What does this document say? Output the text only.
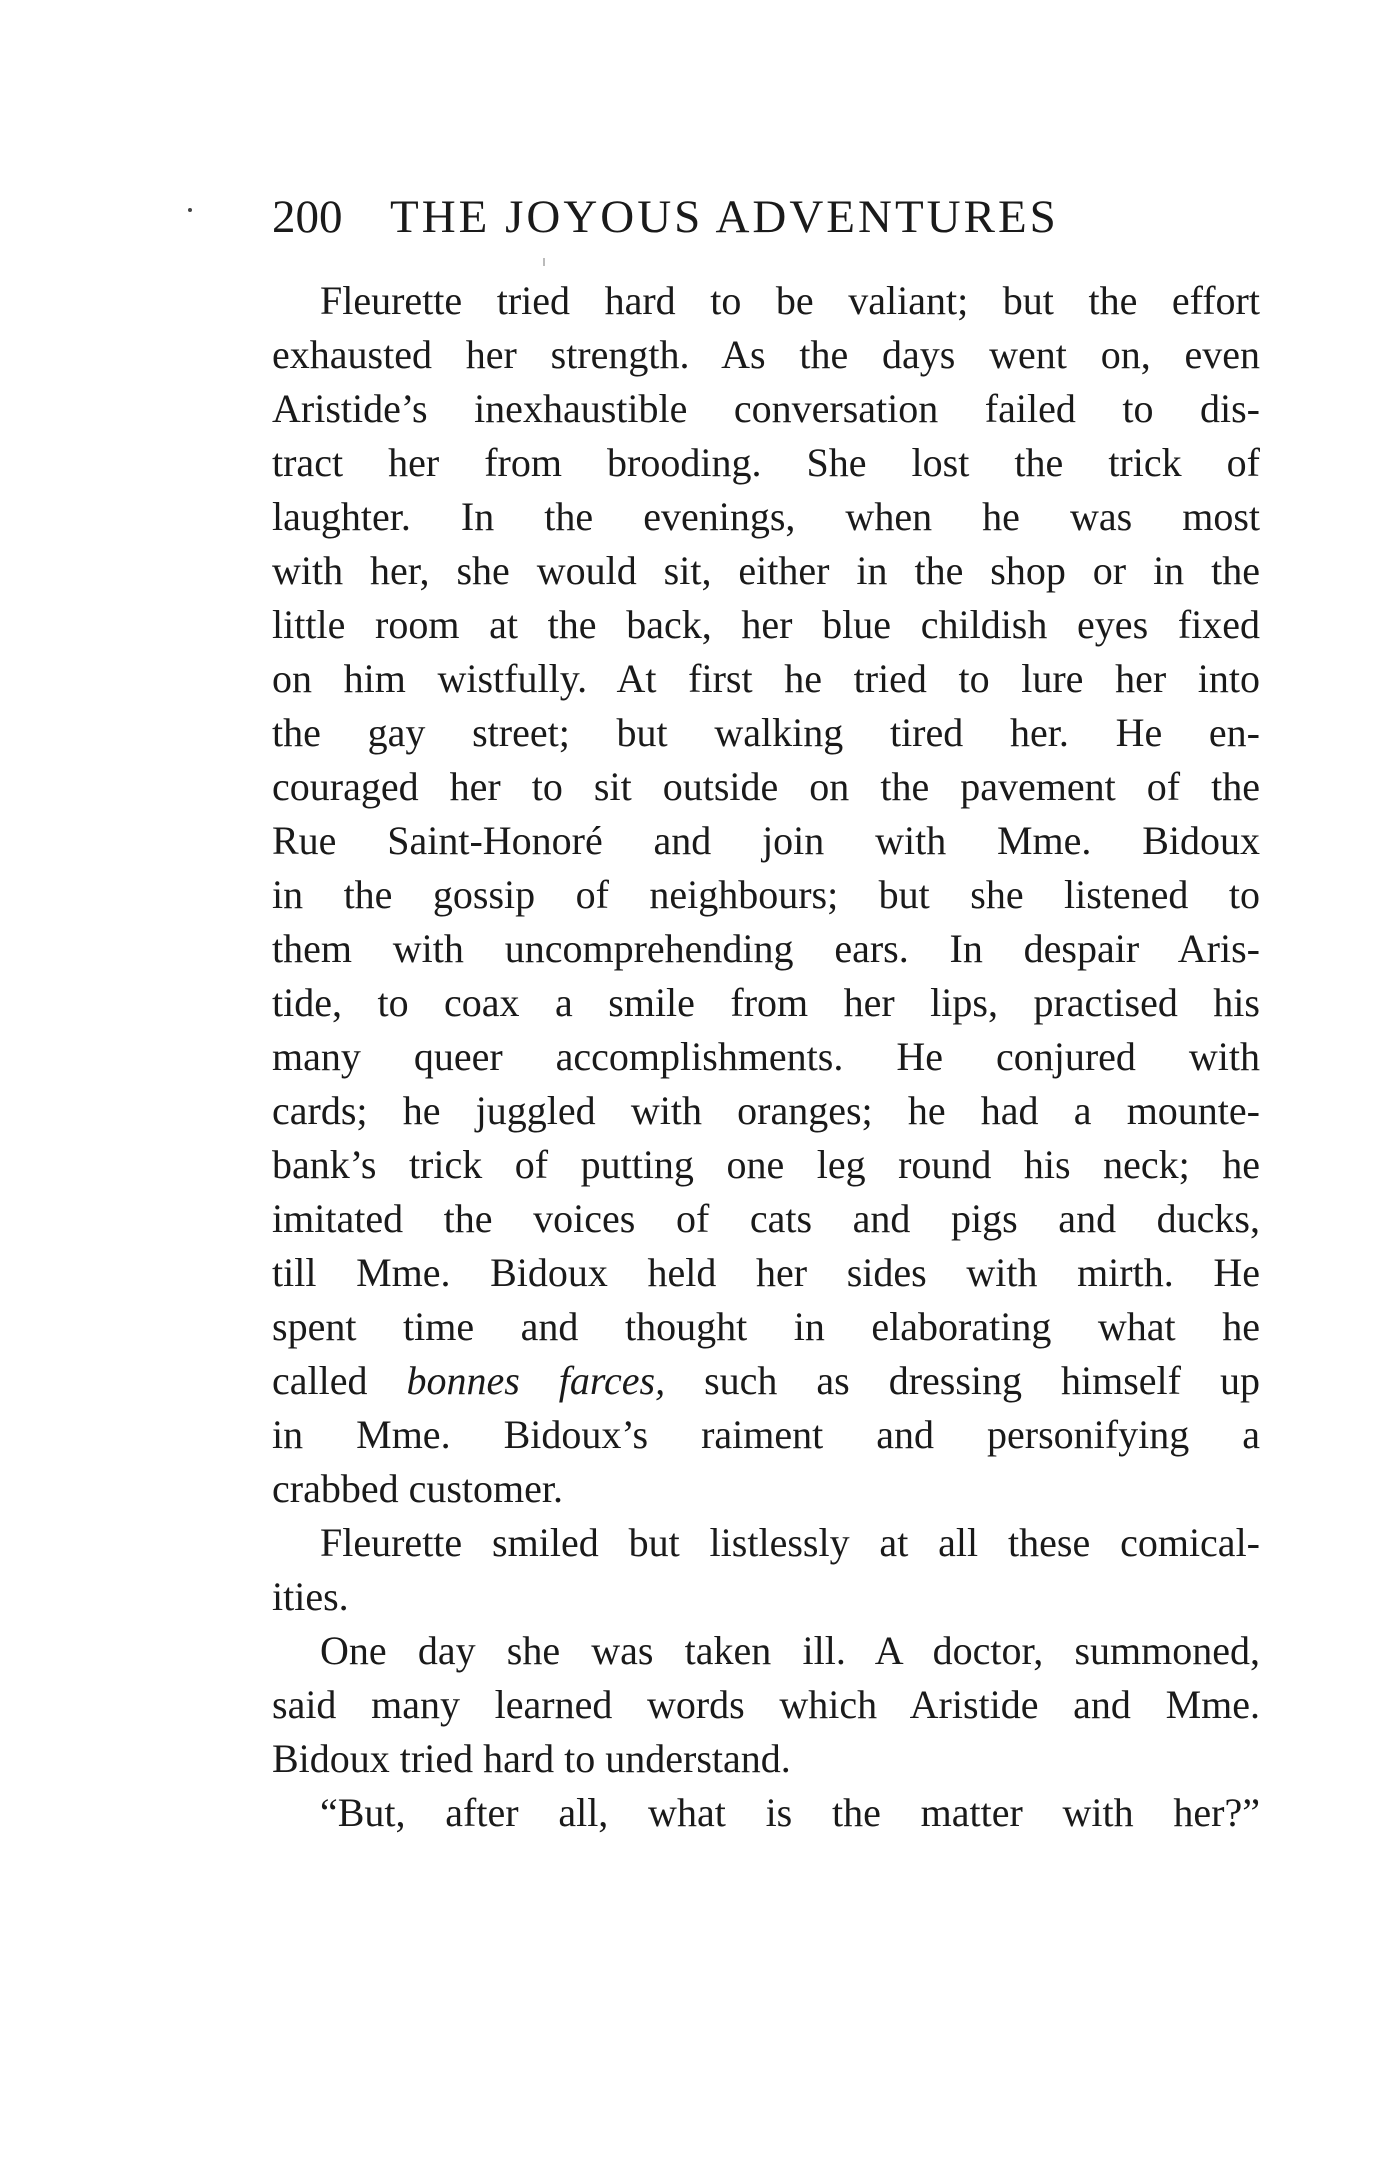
200 THE JOYOUS ADVENTURES
Fleurette tried hard to be valiant; but the effort
exhausted her strength. As the days went on, even
Aristide’s inexhaustible conversation failed to dis-
tract her from brooding. She lost the trick of
laughter. In the evenings, when he was most
with her, she would sit, either in the shop or in the
little room at the back, her blue childish eyes fixed
on him wistfully. At first he tried to lure her into
the gay street; but walking tired her. He en-
couraged her to sit outside on the pavement of the
Rue Saint-Honoré and join with Mme. Bidoux
in the gossip of neighbours; but she listened to
them with uncomprehending ears. In despair Aris-
tide, to coax a smile from her lips, practised his
many queer accomplishments. He conjured with
cards; he juggled with oranges; he had a mounte-
bank’s trick of putting one leg round his neck; he
imitated the voices of cats and pigs and ducks,
till Mme. Bidoux held her sides with mirth. He
spent time and thought in elaborating what he
called bonnes farces, such as dressing himself up
in Mme. Bidoux’s raiment and personifying a
crabbed customer.
Fleurette smiled but listlessly at all these comical-
ities.
One day she was taken ill. A doctor, summoned,
said many learned words which Aristide and Mme.
Bidoux tried hard to understand.
“But, after all, what is the matter with her?”
